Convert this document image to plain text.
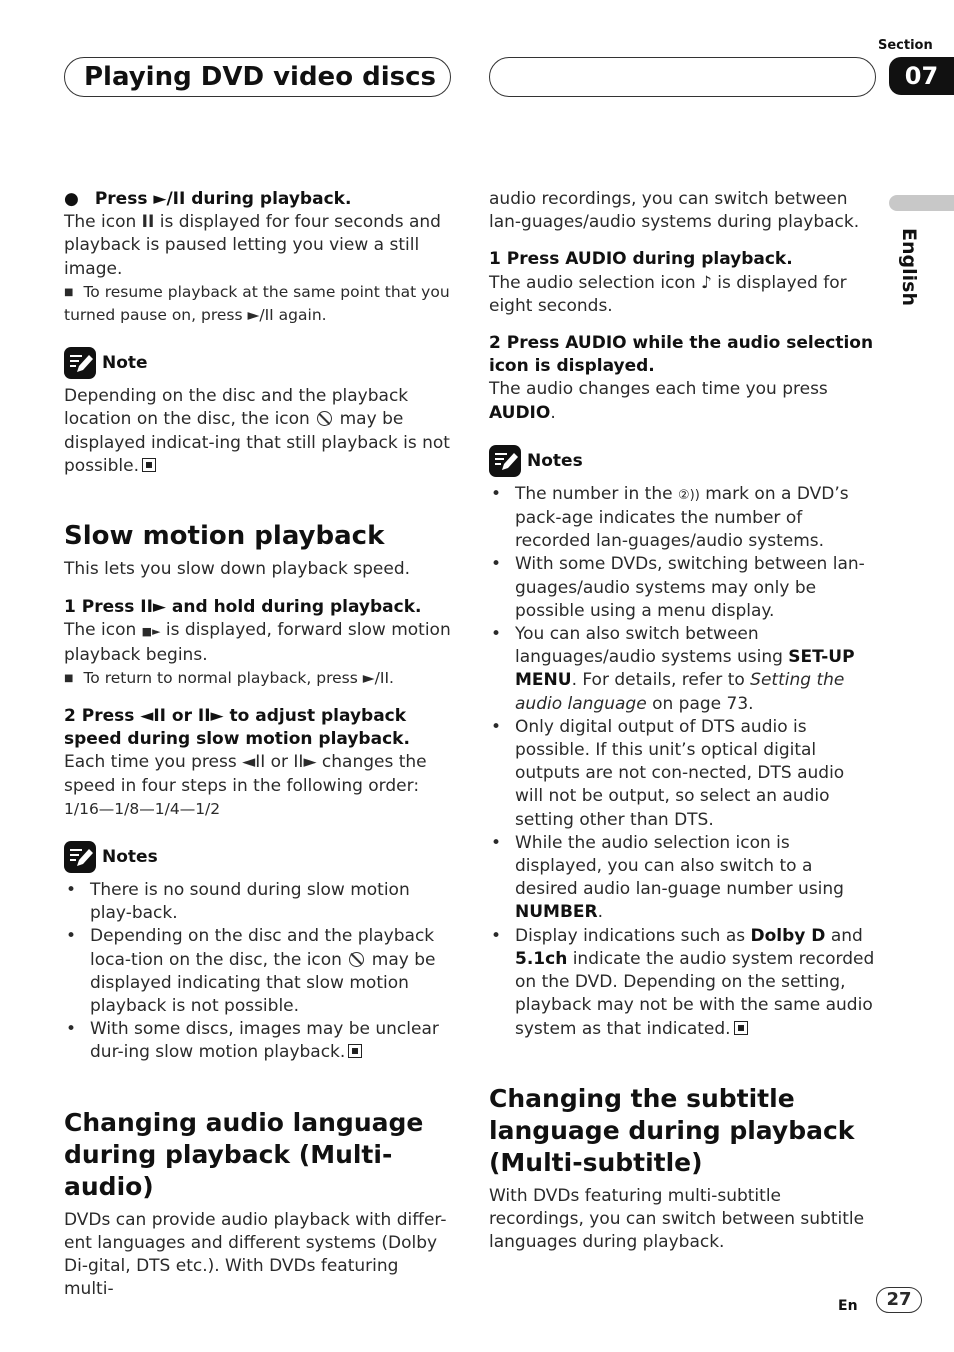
Playing DVD video discs
Section
07
English

● Press ►/II during playback.

The icon II is displayed for four seconds and playback is paused letting you view a still image.

■ To resume playback at the same point that you turned pause on, press ►/II again.

Note

Depending on the disc and the playback location on the disc, the icon  may be displayed indicat-ing that still playback is not possible.

Slow motion playback

This lets you slow down playback speed.

1 Press II► and hold during playback.

The icon ■► is displayed, forward slow motion playback begins.

■ To return to normal playback, press ►/II.

2 Press ◄II or II► to adjust playback speed during slow motion playback.

Each time you press ◄II or II► changes the speed in four steps in the following order:

1/16—1/8—1/4—1/2

Notes

• There is no sound during slow motion play-back.
• Depending on the disc and the playback loca-tion on the disc, the icon  may be displayed indicating that slow motion playback is not possible.
• With some discs, images may be unclear dur-ing slow motion playback.

Changing audio language during playback (Multi-audio)

DVDs can provide audio playback with differ-ent languages and different systems (Dolby Di-gital, DTS etc.). With DVDs featuring multi-

audio recordings, you can switch between lan-guages/audio systems during playback.

1 Press AUDIO during playback.

The audio selection icon ♪ is displayed for eight seconds.

2 Press AUDIO while the audio selection icon is displayed.

The audio changes each time you press AUDIO.

Notes

• The number in the ②)) mark on a DVD’s pack-age indicates the number of recorded lan-guages/audio systems.
• With some DVDs, switching between lan-guages/audio systems may only be possible using a menu display.
• You can also switch between languages/audio systems using SET-UP MENU. For details, refer to Setting the audio language on page 73.
• Only digital output of DTS audio is possible. If this unit’s optical digital outputs are not con-nected, DTS audio will not be output, so select an audio setting other than DTS.
• While the audio selection icon is displayed, you can also switch to a desired audio lan-guage number using NUMBER.
• Display indications such as Dolby D and 5.1ch indicate the audio system recorded on the DVD. Depending on the setting, playback may not be with the same audio system as that indicated.

Changing the subtitle language during playback (Multi-subtitle)

With DVDs featuring multi-subtitle recordings, you can switch between subtitle languages during playback.

En	27
